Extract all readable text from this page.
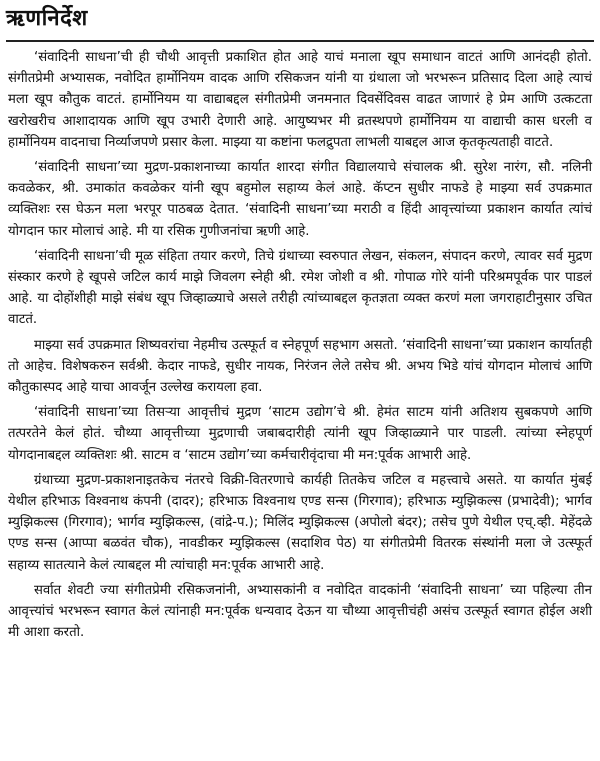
ऋणनिर्देश

‘संवादिनी साधना’ची ही चौथी आवृत्ती प्रकाशित होत आहे याचं मनाला खूप समाधान वाटतं आणि आनंदही होतो. संगीतप्रेमी अभ्यासक, नवोदित हार्मोनियम वादक आणि रसिकजन यांनी या ग्रंथाला जो भरभरून प्रतिसाद दिला आहे त्याचं मला खूप कौतुक वाटतं. हार्मोनियम या वाद्याबद्दल संगीतप्रेमी जनमनात दिवसेंदिवस वाढत जाणारं हे प्रेम आणि उत्कटता खरोखरीच आशादायक आणि खूप उभारी देणारी आहे. आयुष्यभर मी व्रतस्थपणे हार्मोनियम या वाद्याची कास धरली व हार्मोनियम वादनाचा निर्व्याजपणे प्रसार केला. माझ्या या कष्टांना फलद्रुपता लाभली याबद्दल आज कृतकृत्यताही वाटते.

‘संवादिनी साधना’च्या मुद्रण-प्रकाशनाच्या कार्यात शारदा संगीत विद्यालयाचे संचालक श्री. सुरेश नारंग, सौ. नलिनी कवळेकर, श्री. उमाकांत कवळेकर यांनी खूप बहुमोल सहाय्य केलं आहे. कॅप्टन सुधीर नाफडे हे माझ्या सर्व उपक्रमात व्यक्तिशः रस घेऊन मला भरपूर पाठबळ देतात. ‘संवादिनी साधना’च्या मराठी व हिंदी आवृत्त्यांच्या प्रकाशन कार्यात त्यांचं योगदान फार मोलाचं आहे. मी या रसिक गुणीजनांचा ऋणी आहे.

‘संवादिनी साधना’ची मूळ संहिता तयार करणे, तिचे ग्रंथाच्या स्वरुपात लेखन, संकलन, संपादन करणे, त्यावर सर्व मुद्रण संस्कार करणे हे खूपसे जटिल कार्य माझे जिवलग स्नेही श्री. रमेश जोशी व श्री. गोपाळ गोरे यांनी परिश्रमपूर्वक पार पाडलं आहे. या दोहोंशीही माझे संबंध खूप जिव्हाळ्याचे असले तरीही त्यांच्याबद्दल कृतज्ञता व्यक्त करणं मला जगराहाटीनुसार उचित वाटतं.

माझ्या सर्व उपक्रमात शिष्यवरांचा नेहमीच उत्स्फूर्त व स्नेहपूर्ण सहभाग असतो. ‘संवादिनी साधना’च्या प्रकाशन कार्यातही तो आहेच. विशेषकरुन सर्वश्री. केदार नाफडे, सुधीर नायक, निरंजन लेले तसेच श्री. अभय भिडे यांचं योगदान मोलाचं आणि कौतुकास्पद आहे याचा आवर्जून उल्लेख करायला हवा.

‘संवादिनी साधना’च्या तिसऱ्या आवृत्तीचं मुद्रण ‘साटम उद्योग’चे श्री. हेमंत साटम यांनी अतिशय सुबकपणे आणि तत्परतेने केलं होतं. चौथ्या आवृत्तीच्या मुद्रणाची जबाबदारीही त्यांनी खूप जिव्हाळ्याने पार पाडली. त्यांच्या स्नेहपूर्ण योगदानाबद्दल व्यक्तिशः श्री. साटम व ‘साटम उद्योग’च्या कर्मचारीवृंदाचा मी मन:पूर्वक आभारी आहे.

ग्रंथाच्या मुद्रण-प्रकाशनाइतकेच नंतरचे विक्री-वितरणाचे कार्यही तितकेच जटिल व महत्त्वाचे असते. या कार्यात मुंबई येथील हरिभाऊ विश्वनाथ कंपनी (दादर); हरिभाऊ विश्वनाथ एण्ड सन्स (गिरगाव); हरिभाऊ म्युझिकल्स (प्रभादेवी); भार्गव म्युझिकल्स (गिरगाव); भार्गव म्युझिकल्स, (वांद्रे-प.); मिलिंद म्युझिकल्स (अपोलो बंदर); तसेच पुणे येथील एच्.व्ही. मेहेंदळे एण्ड सन्स (आप्पा बळवंत चौक), नावडीकर म्युझिकल्स (सदाशिव पेठ) या संगीतप्रेमी वितरक संस्थांनी मला जे उत्स्फूर्त सहाय्य सातत्याने केलं त्याबद्दल मी त्यांचाही मन:पूर्वक आभारी आहे.

सर्वात शेवटी ज्या संगीतप्रेमी रसिकजनांनी, अभ्यासकांनी व नवोदित वादकांनी ‘संवादिनी साधना’ च्या पहिल्या तीन आवृत्त्यांचं भरभरून स्वागत केलं त्यांनाही मन:पूर्वक धन्यवाद देऊन या चौथ्या आवृत्तीचंही असंच उत्स्फूर्त स्वागत होईल अशी मी आशा करतो.
